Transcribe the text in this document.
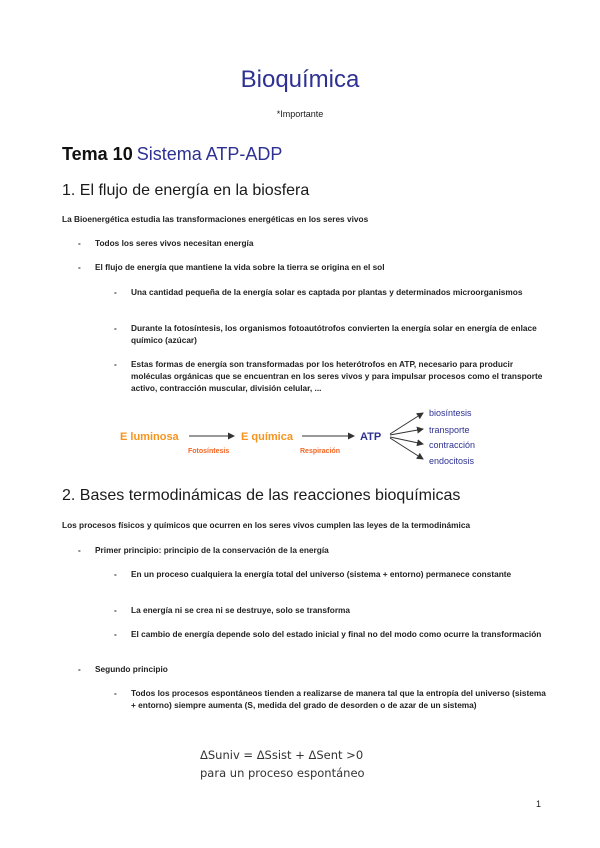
Bioquímica
*Importante
Tema 10 Sistema ATP-ADP
1. El flujo de energía en la biosfera
La Bioenergética estudia las transformaciones energéticas en los seres vivos
- Todos los seres vivos necesitan energía
- El flujo de energía que mantiene la vida sobre la tierra se origina en el sol
- Una cantidad pequeña de la energía solar es captada por plantas y determinados microorganismos
- Durante la fotosíntesis, los organismos fotoautótrofos convierten la energía solar en energía de enlace químico (azúcar)
- Estas formas de energía son transformadas por los heterótrofos en ATP, necesario para producir moléculas orgánicas que se encuentran en los seres vivos y para impulsar procesos como el transporte activo, contracción muscular, división celular, ...
E luminosa
Fotosíntesis
E química
Respiración
ATP
biosíntesis
transporte
contracción
endocitosis
2. Bases termodinámicas de las reacciones bioquímicas
Los procesos físicos y químicos que ocurren en los seres vivos cumplen las leyes de la termodinámica
- Primer principio: principio de la conservación de la energía
- En un proceso cualquiera la energía total del universo (sistema + entorno) permanece constante
- La energía ni se crea ni se destruye, solo se transforma
- El cambio de energía depende solo del estado inicial y final no del modo como ocurre la transformación
- Segundo principio
- Todos los procesos espontáneos tienden a realizarse de manera tal que la entropía del universo (sistema + entorno) siempre aumenta (S, medida del grado de desorden o de azar de un sistema)
ΔSuniv = ΔSsist + ΔSent >0
para un proceso espontáneo
1
